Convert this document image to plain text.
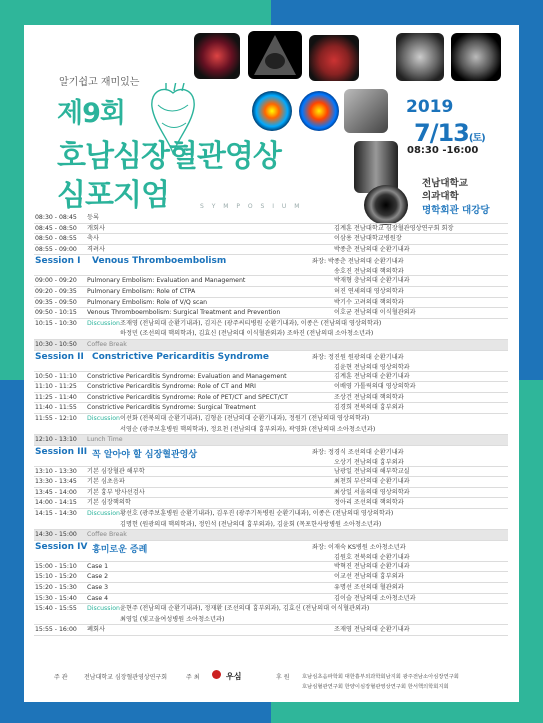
알기쉽고 재미있는
제9회
호남심장혈관영상
심포지엄	S Y M P O S I U M
2019
7/13(토)
08:30 -16:00
전남대학교
의과대학
명학회관 대강당
08:30 - 08:45 등록
08:45 - 08:50 개회사	김계훈 전남대학교 심장혈관영상연구회 회장
08:50 - 08:55 축사	이삼용 전남대학교병원장
08:55 - 09:00 격려사	박종춘 전남의대 순환기내과
Session I Venous Thromboembolism	좌장: 박종춘 전남의대 순환기내과
송호진 전남의대 핵의학과
09:00 - 09:20 Pulmonary Embolism: Evaluation and Management	박재형 충남의대 순환기내과
09:20 - 09:35 Pulmonary Embolism: Role of CTPA	허진 연세의대 영상의학과
09:35 - 09:50 Pulmonary Embolism: Role of V/Q scan	박기수 고려의대 핵의학과
09:50 - 10:15 Venous Thromboembolism: Surgical Treatment and Prevention	이호균 전남의대 이식혈관외과
10:15 - 10:30 Discussion 조재영 (전남의대 순환기내과), 김지은 (광주씨티병원 순환기내과), 이종은 (전남의대 영상의학과)
하정민 (조선의대 핵의학과), 김효신 (전남의대 이식혈관외과) 조하진 (전남의대 소아청소년과)
10:30 - 10:50 Coffee Break
Session II Constrictive Pericarditis Syndrome	좌장: 정진원 원광의대 순환기내과
김윤현 전남의대 영상의학과
10:50 - 11:10 Constrictive Pericarditis Syndrome: Evaluation and Management	김계훈 전남의대 순환기내과
11:10 - 11:25 Constrictive Pericarditis Syndrome: Role of CT and MRI	이배영 가톨릭의대 영상의학과
11:25 - 11:40 Constrictive Pericarditis Syndrome: Role of PET/CT and SPECT/CT	조상건 전남의대 핵의학과
11:40 - 11:55 Constrictive Pericarditis Syndrome: Surgical Treatment	김경희 전북의대 흉부외과
11:55 - 12:10 Discussion 이선화 (전북의대 순환기내과), 김형윤 (전남의대 순환기내과), 정원기 (전남의대 영상의학과)
서영순 (광주보훈병원 핵의학과), 정요천 (전남의대 흉부외과), 곽영화 (전남의대 소아청소년과)
12:10 - 13:10 Lunch Time
Session III 꼭 알아야 할 심장혈관영상	좌장: 정경식 조선의대 순환기내과
오상기 전남의대 흉부외과
13:10 - 13:30 기본 심장혈관 해부학	남광일 전남의대 해부학교실
13:30 - 13:45 기본 심초음파	최천희 부산의대 순환기내과
13:45 - 14:00 기본 흉부 방사선검사	최상일 서울의대 영상의학과
14:00 - 14:15 기본 심장핵의학	정아리 조선의대 핵의학과
14:15 - 14:30 Discussion 황선호 (광주보훈병원 순환기내과), 김우진 (광주기독병원 순환기내과), 이종은 (전남의대 영상의학과)
김명헌 (원광의대 핵의학과), 정인석 (전남의대 흉부외과), 김윤회 (목포한사랑병원 소아청소년과)
14:30 - 15:00 Coffee Break
Session IV 흥미로운 증례	좌장: 이재숙 KS병원 소아청소년과
김원호 전북의대 순환기내과
15:00 - 15:10 Case 1	박혁진 전남의대 순환기내과
15:10 - 15:20 Case 2	이교선 전남의대 흉부외과
15:20 - 15:30 Case 3	유명선 조선의대 혈관외과
15:30 - 15:40 Case 4	김이슬 전남의대 소아청소년과
15:40 - 15:55 Discussion 윤현주 (전남의대 순환기내과), 정재환 (조선의대 흉부외과), 김효신 (전남의대 이식혈관외과)
최영일 (빛고을여성병원 소아청소년과)
15:55 - 16:00 폐회사	조재영 전남의대 순환기내과
주 관	전남대학교 심장혈관영상연구회	주 최	우심	후 원 호남심초음파학회 대한흉부외과학회남지회 광주전남소아심장연구회
호남심혈관연구회 한양이심장혈관영상연구회 한서핵의학회지회
